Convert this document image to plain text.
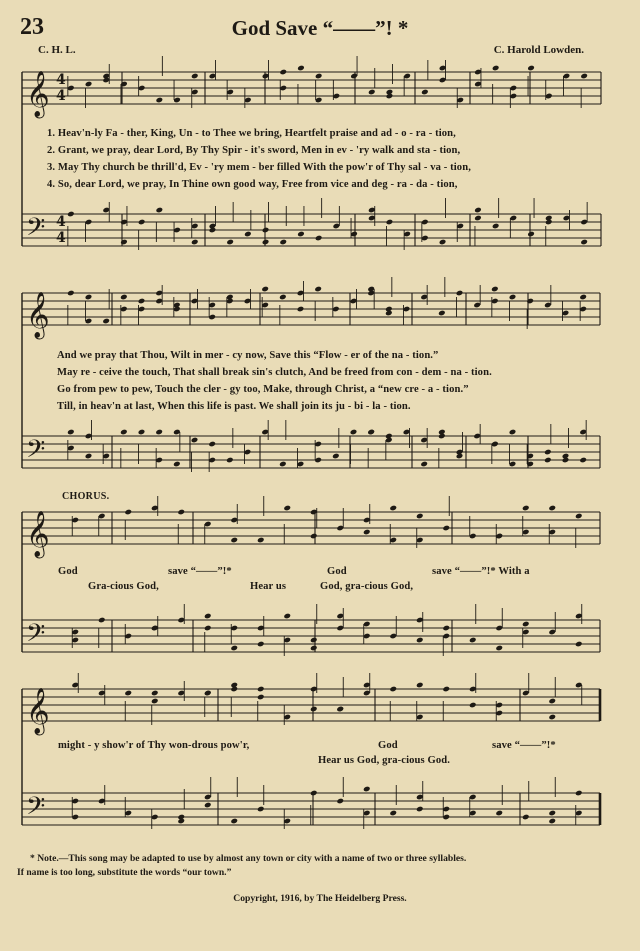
𝄞
𝄢
𝄞
𝄢
𝄞
𝄢
𝄞
𝄢
4
4
4
4
23	God Save “——”! *
C. H. L.	C. Harold Lowden.
1. Heav'n-ly Fa - ther, King, Un - to Thee we bring, Heartfelt praise and ad - o - ra - tion,
2. Grant, we pray, dear Lord, By Thy Spir - it's sword, Men in ev - 'ry walk and sta - tion,
3. May Thy church be thrill'd, Ev - 'ry mem - ber filled With the pow'r of Thy sal - va - tion,
4. So, dear Lord, we pray, In Thine own good way, Free from vice and deg - ra - da - tion,
And we pray that Thou, Wilt in mer - cy now, Save this “Flow - er of the na - tion.”
May re - ceive the touch, That shall break sin's clutch, And be freed from con - dem - na - tion.
Go from pew to pew, Touch the cler - gy too, Make, through Christ, a “new cre - a - tion.”
Till, in heav'n at last, When this life is past. We shall join its ju - bi - la - tion.
CHORUS.
God	save “——”!*	God	save “——”!* With a
Gra-cious God,	Hear us	God, gra-cious God,
might - y show'r of Thy won-drous pow'r,	God	save “——”!*
Hear us God, gra-cious God.
* Note.—This song may be adapted to use by almost any town or city with a name of two or three syllables.
If name is too long, substitute the words “our town.”
Copyright, 1916, by The Heidelberg Press.
